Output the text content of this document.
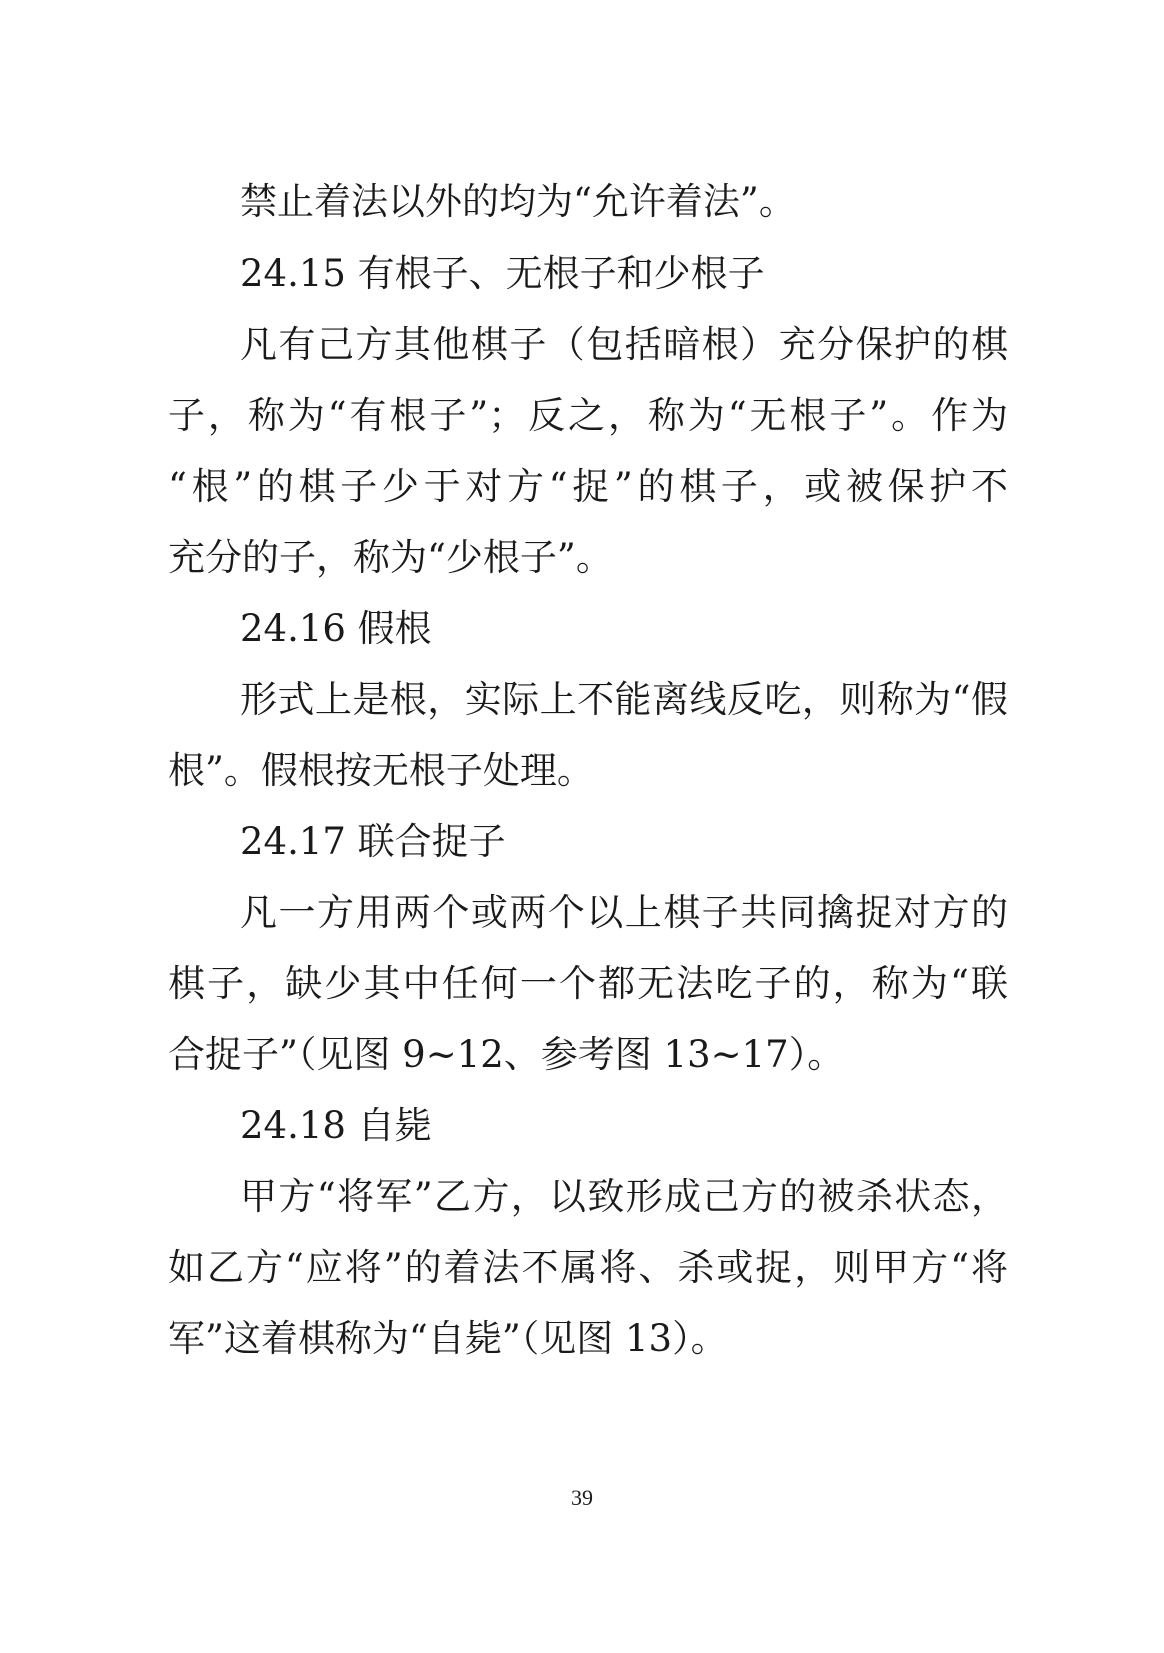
禁止着法以外的均为“允许着法”。
24.15 有根子、无根子和少根子
凡有己方其他棋子（包括暗根）充分保护的棋
子，称为“有根子”；反之，称为“无根子”。作为
“根”的棋子少于对方“捉”的棋子，或被保护不
充分的子，称为“少根子”。
24.16 假根
形式上是根，实际上不能离线反吃，则称为“假
根”。假根按无根子处理。
24.17 联合捉子
凡一方用两个或两个以上棋子共同擒捉对方的
棋子，缺少其中任何一个都无法吃子的，称为“联
合捉子”（见图 9~12、参考图 13~17）。
24.18 自毙
甲方“将军”乙方，以致形成己方的被杀状态，
如乙方“应将”的着法不属将、杀或捉，则甲方“将
军”这着棋称为“自毙”（见图 13）。
39
